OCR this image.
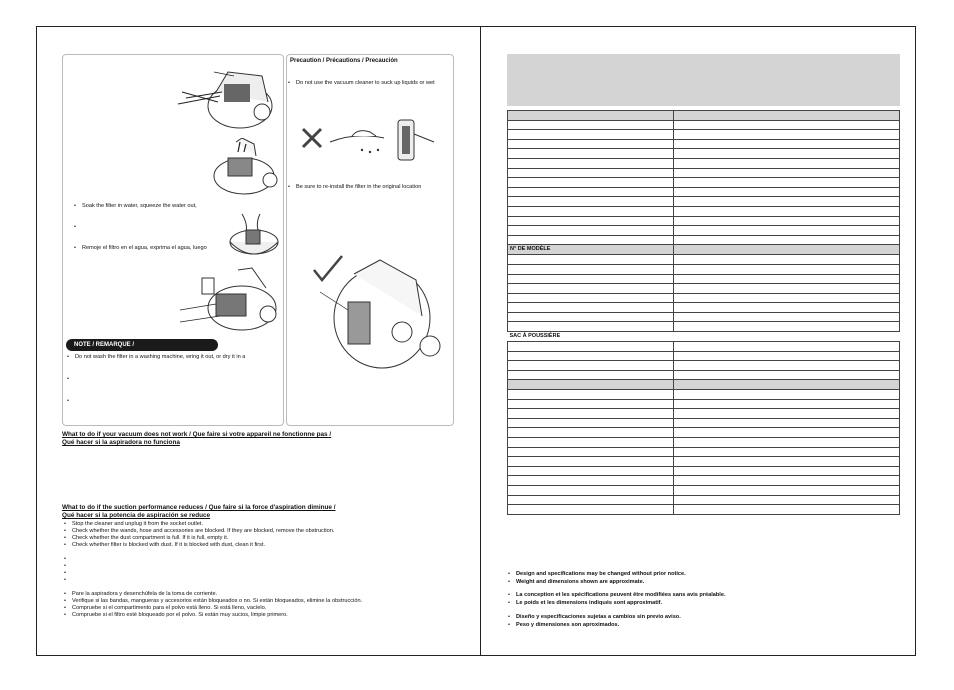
• Soak the filter in water, squeeze the water out,
• Remoje el filtro en el agua, exprima el agua, luego
NOTE / REMARQUE /
• Do not wash the filter in a washing machine, wring it out, or dry it in a
Precaution / Précautions / Precaución
• Do not use the vacuum cleaner to suck up liquids or wet
• Be sure to re-install the filter in the original location
What to do if your vacuum does not work / Que faire si votre appareil ne fonctionne pas /
Qué hacer si la aspiradora no funciona
What to do if the suction performance reduces / Que faire si la force d'aspiration diminue /
Qué hacer si la potencia de aspiración se reduce
• Stop the cleaner and unplug it from the socket outlet.
• Check whether the wands, hose and accessories are blocked. If they are blocked, remove the obstruction.
• Check whether the dust compartment is full. If it is full, empty it.
• Check whether filter is blocked with dust. If it is blocked with dust, clean it first.
• Pare la aspiradora y desenchúfela de la toma de corriente.
• Verifique si las bandas, mangueras y accesorios están bloqueados o no. Si están bloqueados, elimine la obstrucción.
• Compruebe si el compartimento para el polvo está lleno. Si está lleno, vacíelo.
• Compruebe si el filtro esté bloqueado por el polvo. Si están muy sucios, limpie primero.

N° DE MODÈLE	

SAC À POUSSIÈRE	

• Design and specifications may be changed without prior notice.
• Weight and dimensions shown are approximate.
• La conception et les spécifications peuvent être modifiées sans avis préalable.
• Le poids et les dimensions indiqués sont approximatif.
• Diseño y especificaciones sujetas a cambios sin previo aviso.
• Peso y dimensiones son aproximados.
